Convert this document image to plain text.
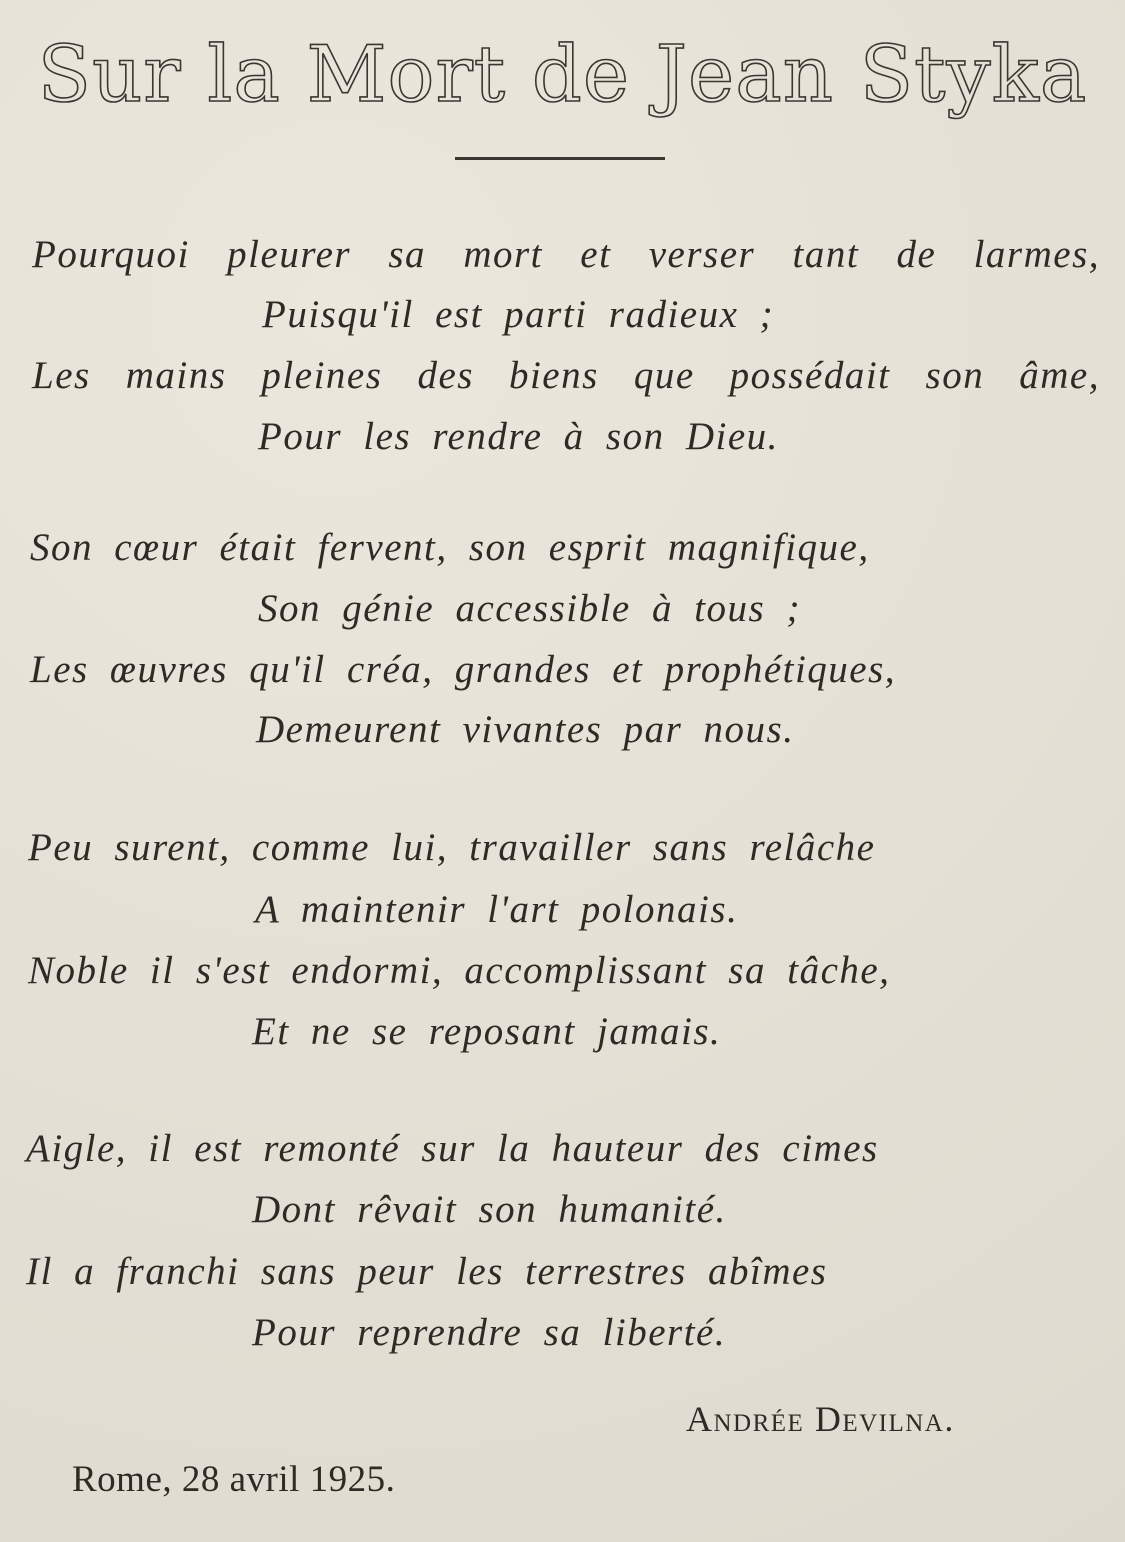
Sur la Mort de Jean Styka
Pourquoi pleurer sa mort et verser tant de larmes,
Puisqu'il est parti radieux ;
Les mains pleines des biens que possédait son âme,
Pour les rendre à son Dieu.
Son cœur était fervent, son esprit magnifique,
Son génie accessible à tous ;
Les œuvres qu'il créa, grandes et prophétiques,
Demeurent vivantes par nous.
Peu surent, comme lui, travailler sans relâche
A maintenir l'art polonais.
Noble il s'est endormi, accomplissant sa tâche,
Et ne se reposant jamais.
Aigle, il est remonté sur la hauteur des cimes
Dont rêvait son humanité.
Il a franchi sans peur les terrestres abîmes
Pour reprendre sa liberté.
Andrée Devilna.
Rome, 28 avril 1925.
